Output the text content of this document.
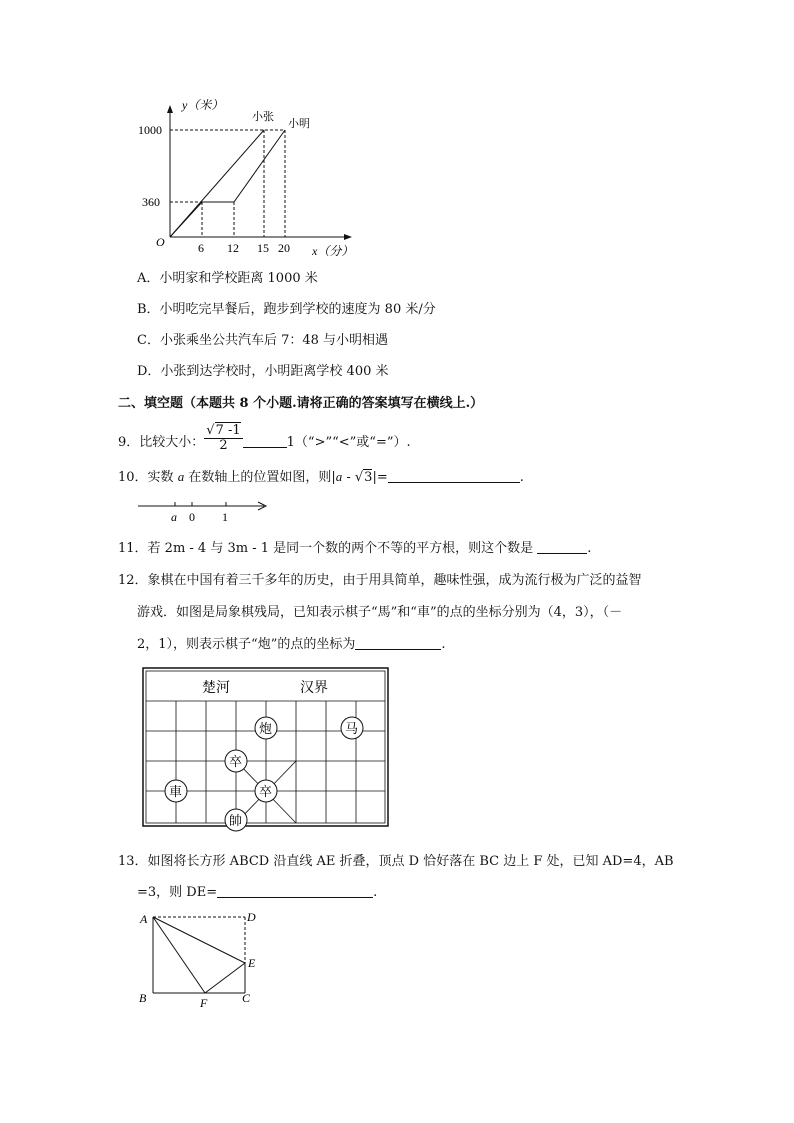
y（米）
x（分）
O
1000
360
6 12 15 20
小张
小明
A．小明家和学校距离 1000 米
B．小明吃完早餐后，跑步到学校的速度为 80 米/分
C．小张乘坐公共汽车后 7：48 与小明相遇
D．小张到达学校时，小明距离学校 400 米
二、填空题（本题共 8 个小题.请将正确的答案填写在横线上.）
9．比较大小： $\frac{√7 -1}{2}$	1（“>”“<”或“=”）.
10．实数 a 在数轴上的位置如图，则|a - √3|=	.
a 0 1
11．若 2m - 4 与 3m - 1 是同一个数的两个不等的平方根，则这个数是	.
12．象棋在中国有着三千多年的历史，由于用具简单，趣味性强，成为流行极为广泛的益智
游戏．如图是局象棋残局，已知表示棋子“馬”和“車”的点的坐标分别为（4，3），（－
2，1），则表示棋子“炮”的点的坐标为	.
楚河	汉界
炮	马
卒
車	卒
帥
13．如图将长方形 ABCD 沿直线 AE 折叠，顶点 D 恰好落在 BC 边上 F 处，已知 AD=4，AB
=3，则 DE=	.
A	D
E
B	F	C
